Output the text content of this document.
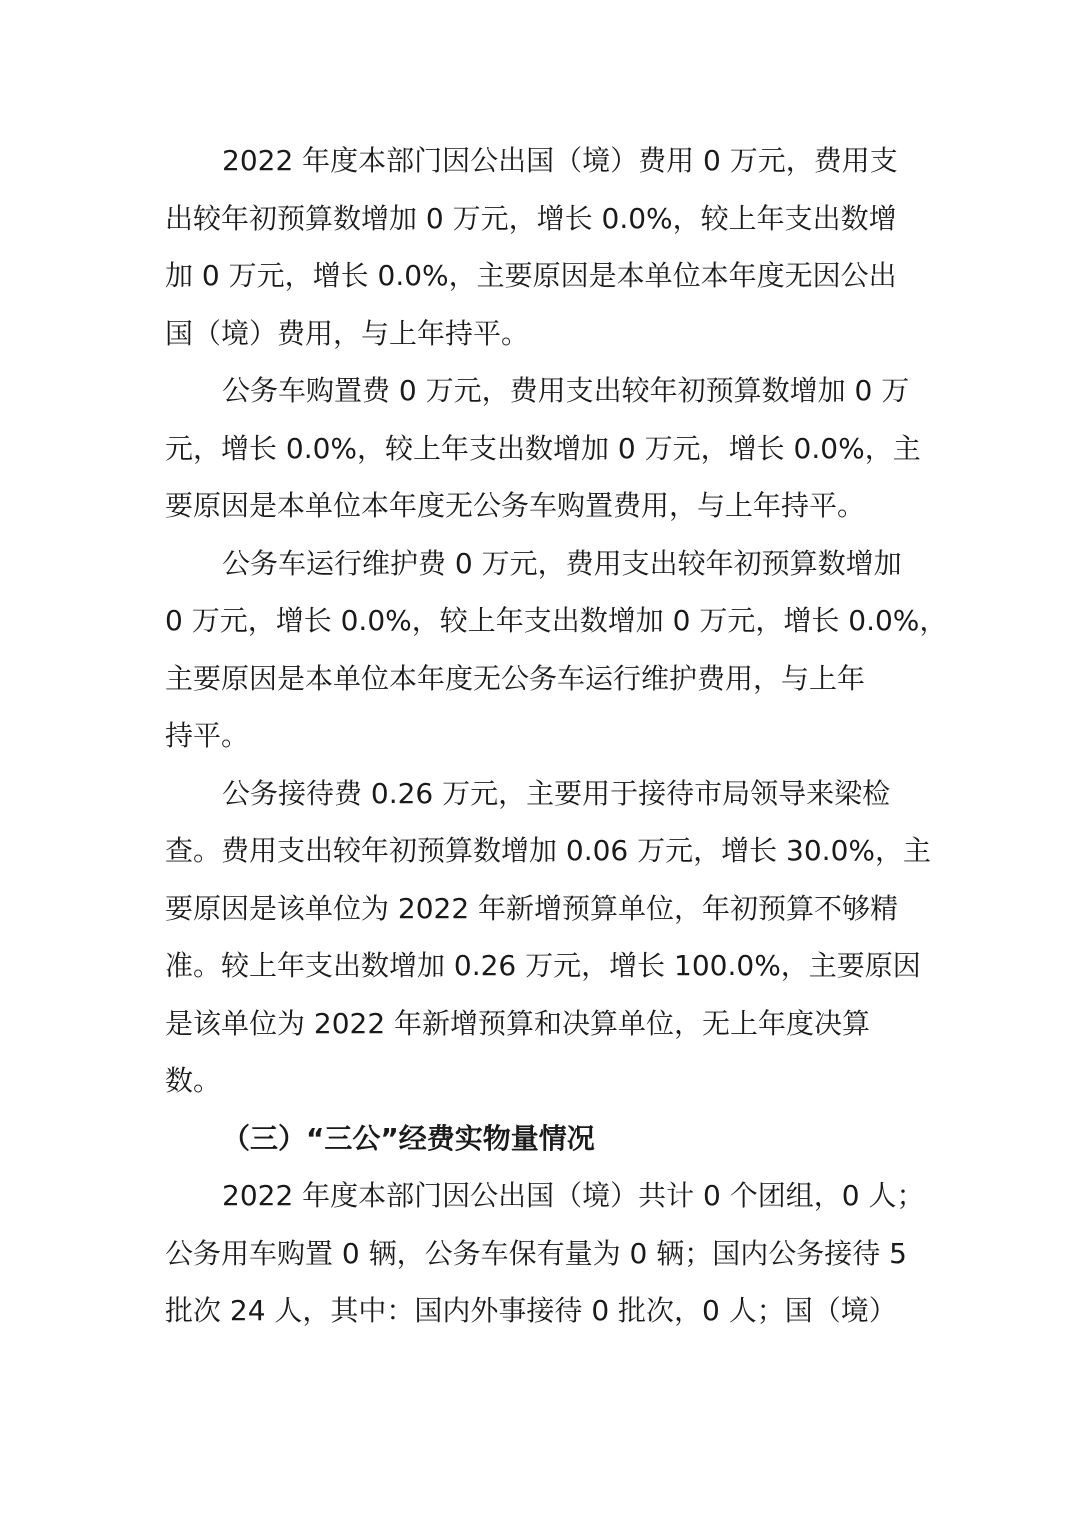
2022 年度本部门因公出国（境）费用 0 万元，费用支
出较年初预算数增加 0 万元，增长 0.0%，较上年支出数增
加 0 万元，增长 0.0%，主要原因是本单位本年度无因公出
国（境）费用，与上年持平。
公务车购置费 0 万元，费用支出较年初预算数增加 0 万
元，增长 0.0%，较上年支出数增加 0 万元，增长 0.0%，主
要原因是本单位本年度无公务车购置费用，与上年持平。
公务车运行维护费 0 万元，费用支出较年初预算数增加
0 万元，增长 0.0%，较上年支出数增加 0 万元，增长 0.0%，
主要原因是本单位本年度无公务车运行维护费用，与上年
持平。
公务接待费 0.26 万元，主要用于接待市局领导来梁检
查。费用支出较年初预算数增加 0.06 万元，增长 30.0%，主
要原因是该单位为 2022 年新增预算单位，年初预算不够精
准。较上年支出数增加 0.26 万元，增长 100.0%，主要原因
是该单位为 2022 年新增预算和决算单位，无上年度决算
数。
（三）“三公”经费实物量情况
2022 年度本部门因公出国（境）共计 0 个团组，0 人；
公务用车购置 0 辆，公务车保有量为 0 辆；国内公务接待 5
批次 24 人，其中：国内外事接待 0 批次，0 人；国（境）
